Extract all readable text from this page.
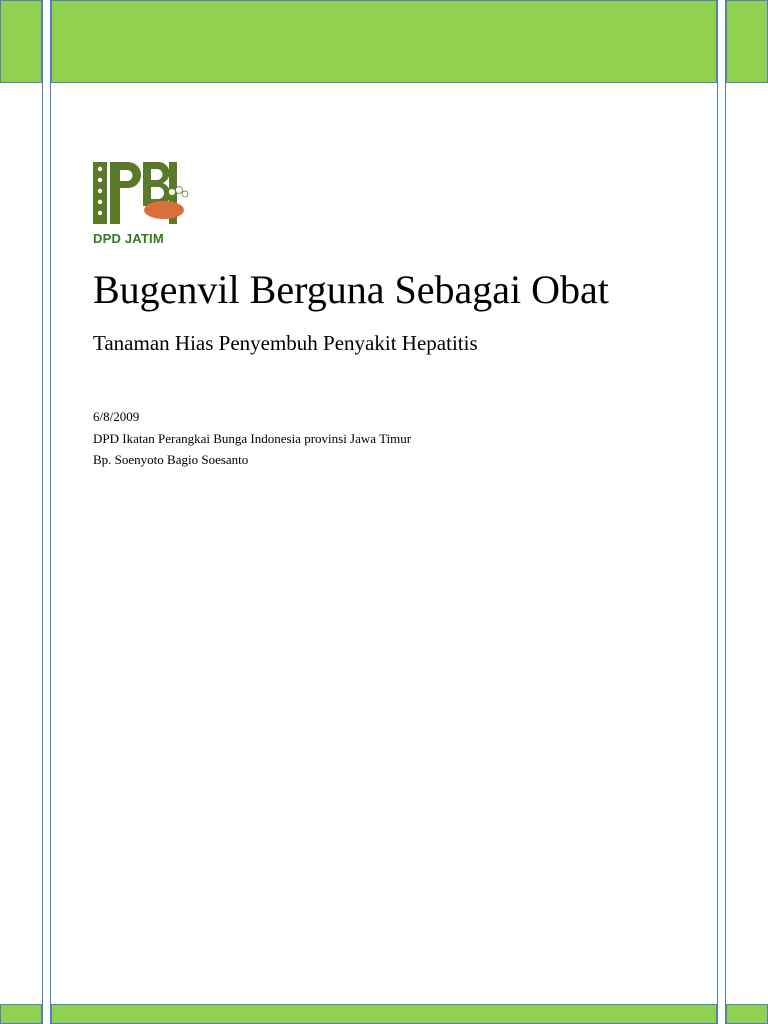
DPD JATIM
Bugenvil Berguna Sebagai Obat
Tanaman Hias Penyembuh Penyakit Hepatitis
6/8/2009
DPD Ikatan Perangkai Bunga Indonesia provinsi Jawa Timur
Bp. Soenyoto Bagio Soesanto
